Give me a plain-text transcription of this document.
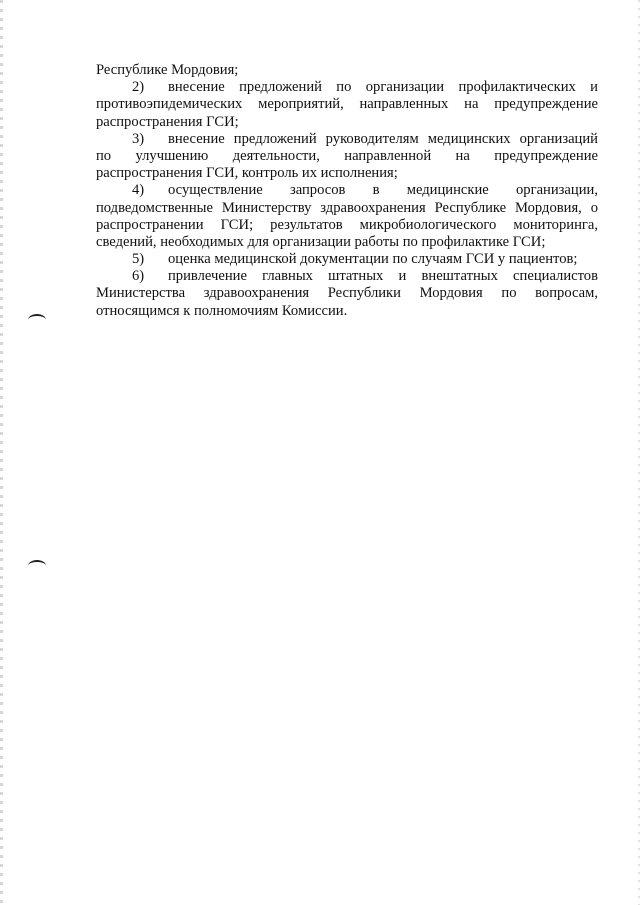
Республике Мордовия;
2) внесение предложений по организации профилактических и
противоэпидемических мероприятий, направленных на предупреждение
распространения ГСИ;
3) внесение предложений руководителям медицинских организаций
по улучшению деятельности, направленной на предупреждение
распространения ГСИ, контроль их исполнения;
4) осуществление запросов в медицинские организации,
подведомственные Министерству здравоохранения Республике Мордовия, о
распространении ГСИ; результатов микробиологического мониторинга,
сведений, необходимых для организации работы по профилактике ГСИ;
5) оценка медицинской документации по случаям ГСИ у пациентов;
6) привлечение главных штатных и внештатных специалистов
Министерства здравоохранения Республики Мордовия по вопросам,
относящимся к полномочиям Комиссии.
